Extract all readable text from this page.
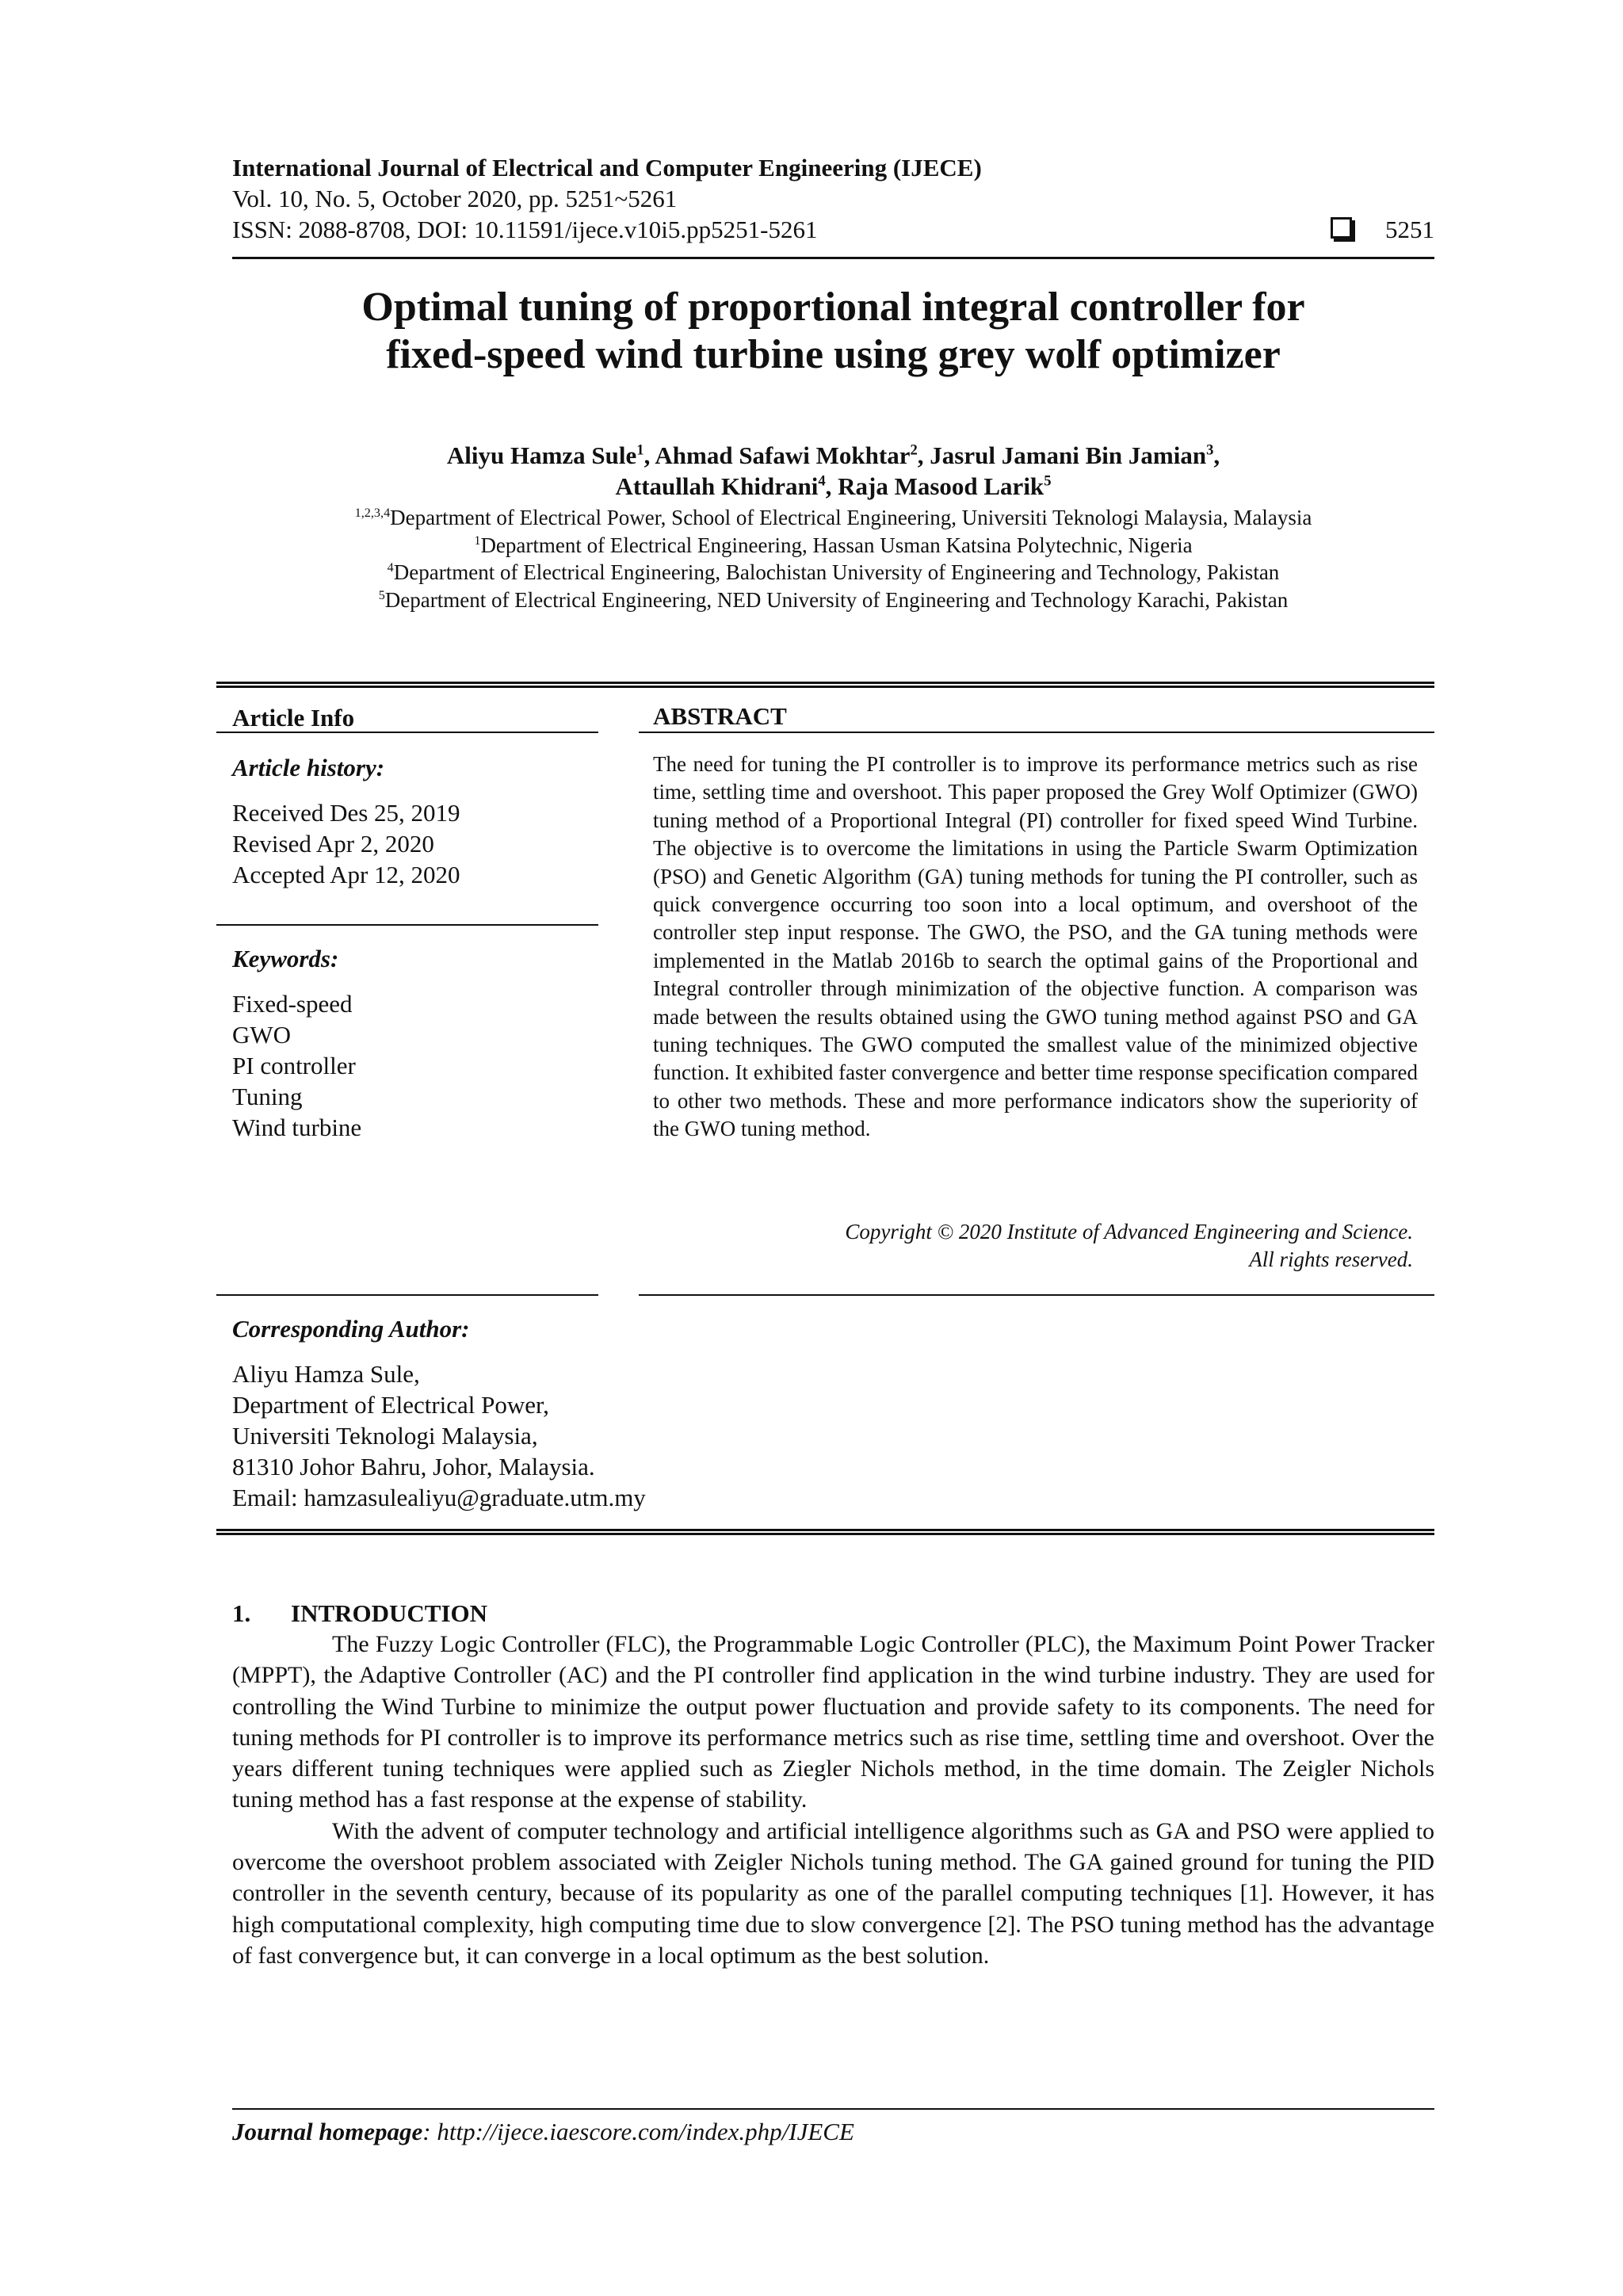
International Journal of Electrical and Computer Engineering (IJECE)
Vol. 10, No. 5, October 2020, pp. 5251~5261
ISSN: 2088-8708, DOI: 10.11591/ijece.v10i5.pp5251-5261	5251
Optimal tuning of proportional integral controller for
fixed-speed wind turbine using grey wolf optimizer
Aliyu Hamza Sule$^1$, Ahmad Safawi Mokhtar$^2$, Jasrul Jamani Bin Jamian$^3$,
Attaullah Khidrani$^4$, Raja Masood Larik$^5$
$^{1,2,3,4}$Department of Electrical Power, School of Electrical Engineering, Universiti Teknologi Malaysia, Malaysia
$^1$Department of Electrical Engineering, Hassan Usman Katsina Polytechnic, Nigeria
$^4$Department of Electrical Engineering, Balochistan University of Engineering and Technology, Pakistan
$^5$Department of Electrical Engineering, NED University of Engineering and Technology Karachi, Pakistan
Article Info
Article history:
Received Des 25, 2019
Revised Apr 2, 2020
Accepted Apr 12, 2020
Keywords:
Fixed-speed
GWO
PI controller
Tuning
Wind turbine
Corresponding Author:
Aliyu Hamza Sule,
Department of Electrical Power,
Universiti Teknologi Malaysia,
81310 Johor Bahru, Johor, Malaysia.
Email: hamzasulealiyu@graduate.utm.my
ABSTRACT
The need for tuning the PI controller is to improve its performance metrics such as rise time, settling time and overshoot. This paper proposed the Grey Wolf Optimizer (GWO) tuning method of a Proportional Integral (PI) controller for fixed speed Wind Turbine. The objective is to overcome the limitations in using the Particle Swarm Optimization (PSO) and Genetic Algorithm (GA) tuning methods for tuning the PI controller, such as quick convergence occurring too soon into a local optimum, and overshoot of the controller step input response. The GWO, the PSO, and the GA tuning methods were implemented in the Matlab 2016b to search the optimal gains of the Proportional and Integral controller through minimization of the objective function. A comparison was made between the results obtained using the GWO tuning method against PSO and GA tuning techniques. The GWO computed the smallest value of the minimized objective function. It exhibited faster convergence and better time response specification compared to other two methods. These and more performance indicators show the superiority of the GWO tuning method.
Copyright © 2020 Institute of Advanced Engineering and Science.
All rights reserved.
1.	INTRODUCTION

The Fuzzy Logic Controller (FLC), the Programmable Logic Controller (PLC), the Maximum Point Power Tracker (MPPT), the Adaptive Controller (AC) and the PI controller find application in the wind turbine industry. They are used for controlling the Wind Turbine to minimize the output power fluctuation and provide safety to its components. The need for tuning methods for PI controller is to improve its performance metrics such as rise time, settling time and overshoot. Over the years different tuning techniques were applied such as Ziegler Nichols method, in the time domain. The Zeigler Nichols tuning method has a fast response at the expense of stability.

With the advent of computer technology and artificial intelligence algorithms such as GA and PSO were applied to overcome the overshoot problem associated with Zeigler Nichols tuning method. The GA gained ground for tuning the PID controller in the seventh century, because of its popularity as one of the parallel computing techniques [1]. However, it has high computational complexity, high computing time due to slow convergence [2]. The PSO tuning method has the advantage of fast convergence but, it can converge in a local optimum as the best solution.

Journal homepage: http://ijece.iaescore.com/index.php/IJECE
